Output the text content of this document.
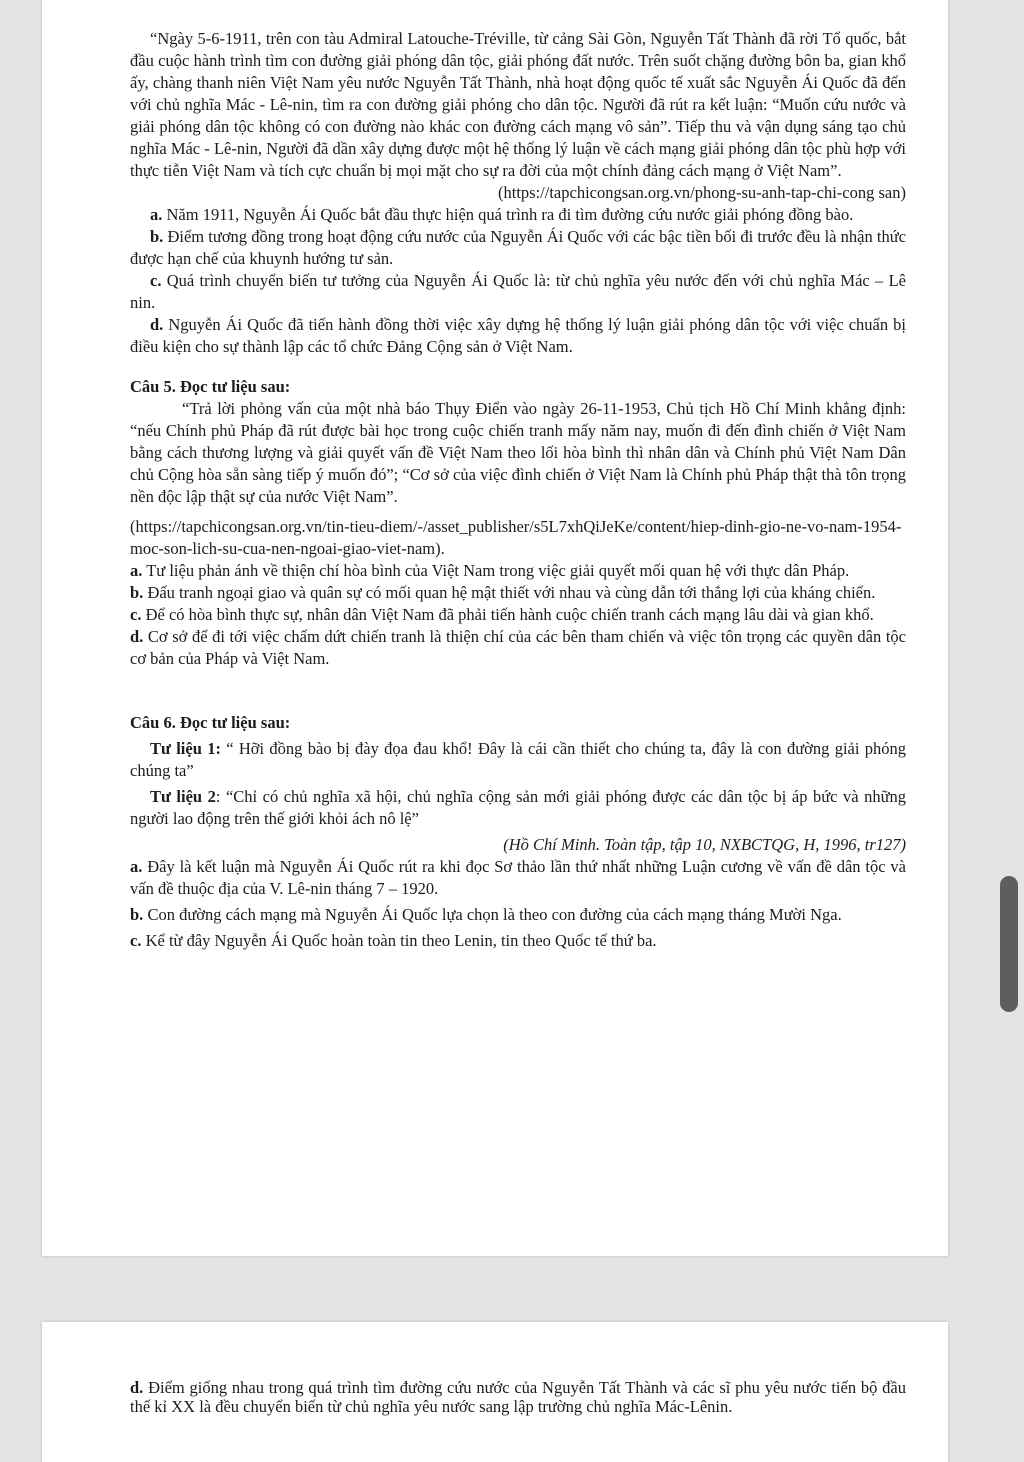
“Ngày 5-6-1911, trên con tàu Admiral Latouche-Tréville, từ cảng Sài Gòn, Nguyễn Tất Thành đã rời Tổ quốc, bắt đầu cuộc hành trình tìm con đường giải phóng dân tộc, giải phóng đất nước. Trên suốt chặng đường bôn ba, gian khổ ấy, chàng thanh niên Việt Nam yêu nước Nguyễn Tất Thành, nhà hoạt động quốc tế xuất sắc Nguyễn Ái Quốc đã đến với chủ nghĩa Mác - Lê-nin, tìm ra con đường giải phóng cho dân tộc. Người đã rút ra kết luận: “Muốn cứu nước và giải phóng dân tộc không có con đường nào khác con đường cách mạng vô sản”. Tiếp thu và vận dụng sáng tạo chủ nghĩa Mác - Lê-nin, Người đã dần xây dựng được một hệ thống lý luận về cách mạng giải phóng dân tộc phù hợp với thực tiễn Việt Nam và tích cực chuẩn bị mọi mặt cho sự ra đời của một chính đảng cách mạng ở Việt Nam”.

(https://tapchicongsan.org.vn/phong-su-anh-tap-chi-cong san)

a. Năm 1911, Nguyễn Ái Quốc bắt đầu thực hiện quá trình ra đi tìm đường cứu nước giải phóng đồng bào.

b. Điểm tương đồng trong hoạt động cứu nước của Nguyễn Ái Quốc với các bậc tiền bối đi trước đều là nhận thức được hạn chế của khuynh hướng tư sản.

c. Quá trình chuyển biến tư tưởng của Nguyễn Ái Quốc là: từ chủ nghĩa yêu nước đến với chủ nghĩa Mác – Lê nin.

d. Nguyễn Ái Quốc đã tiến hành đồng thời việc xây dựng hệ thống lý luận giải phóng dân tộc với việc chuẩn bị điều kiện cho sự thành lập các tổ chức Đảng Cộng sản ở Việt Nam.

Câu 5. Đọc tư liệu sau:

“Trả lời phỏng vấn của một nhà báo Thụy Điển vào ngày 26-11-1953, Chủ tịch Hồ Chí Minh khẳng định: “nếu Chính phủ Pháp đã rút được bài học trong cuộc chiến tranh mấy năm nay, muốn đi đến đình chiến ở Việt Nam bằng cách thương lượng và giải quyết vấn đề Việt Nam theo lối hòa bình thì nhân dân và Chính phủ Việt Nam Dân chủ Cộng hòa sẵn sàng tiếp ý muốn đó”; “Cơ sở của việc đình chiến ở Việt Nam là Chính phủ Pháp thật thà tôn trọng nền độc lập thật sự của nước Việt Nam”.

(https://tapchicongsan.org.vn/tin-tieu-diem/-/asset_publisher/s5L7xhQiJeKe/content/hiep-dinh-gio-ne-vo-nam-1954-moc-son-lich-su-cua-nen-ngoai-giao-viet-nam).

a. Tư liệu phản ánh về thiện chí hòa bình của Việt Nam trong việc giải quyết mối quan hệ với thực dân Pháp.

b. Đấu tranh ngoại giao và quân sự có mối quan hệ mật thiết với nhau và cùng dẫn tới thắng lợi của kháng chiến.

c. Để có hòa bình thực sự, nhân dân Việt Nam đã phải tiến hành cuộc chiến tranh cách mạng lâu dài và gian khổ.

d. Cơ sở để đi tới việc chấm dứt chiến tranh là thiện chí của các bên tham chiến và việc tôn trọng các quyền dân tộc cơ bản của Pháp và Việt Nam.

Câu 6. Đọc tư liệu sau:

Tư liệu 1: “ Hỡi đồng bào bị đày đọa đau khổ! Đây là cái cần thiết cho chúng ta, đây là con đường giải phóng chúng ta”

Tư liệu 2: “Chỉ có chủ nghĩa xã hội, chủ nghĩa cộng sản mới giải phóng được các dân tộc bị áp bức và những người lao động trên thế giới khỏi ách nô lệ”

(Hồ Chí Minh. Toàn tập, tập 10, NXBCTQG, H, 1996, tr127)

a. Đây là kết luận mà Nguyễn Ái Quốc rút ra khi đọc Sơ thảo lần thứ nhất những Luận cương về vấn đề dân tộc và vấn đề thuộc địa của V. Lê-nin tháng 7 – 1920.

b. Con đường cách mạng mà Nguyễn Ái Quốc lựa chọn là theo con đường của cách mạng tháng Mười Nga.

c. Kể từ đây Nguyễn Ái Quốc hoàn toàn tin theo Lenin, tin theo Quốc tế thứ ba.

d. Điểm giống nhau trong quá trình tìm đường cứu nước của Nguyễn Tất Thành và các sĩ phu yêu nước tiến bộ đầu thế kỉ XX là đều chuyển biến từ chủ nghĩa yêu nước sang lập trường chủ nghĩa Mác-Lênin.
